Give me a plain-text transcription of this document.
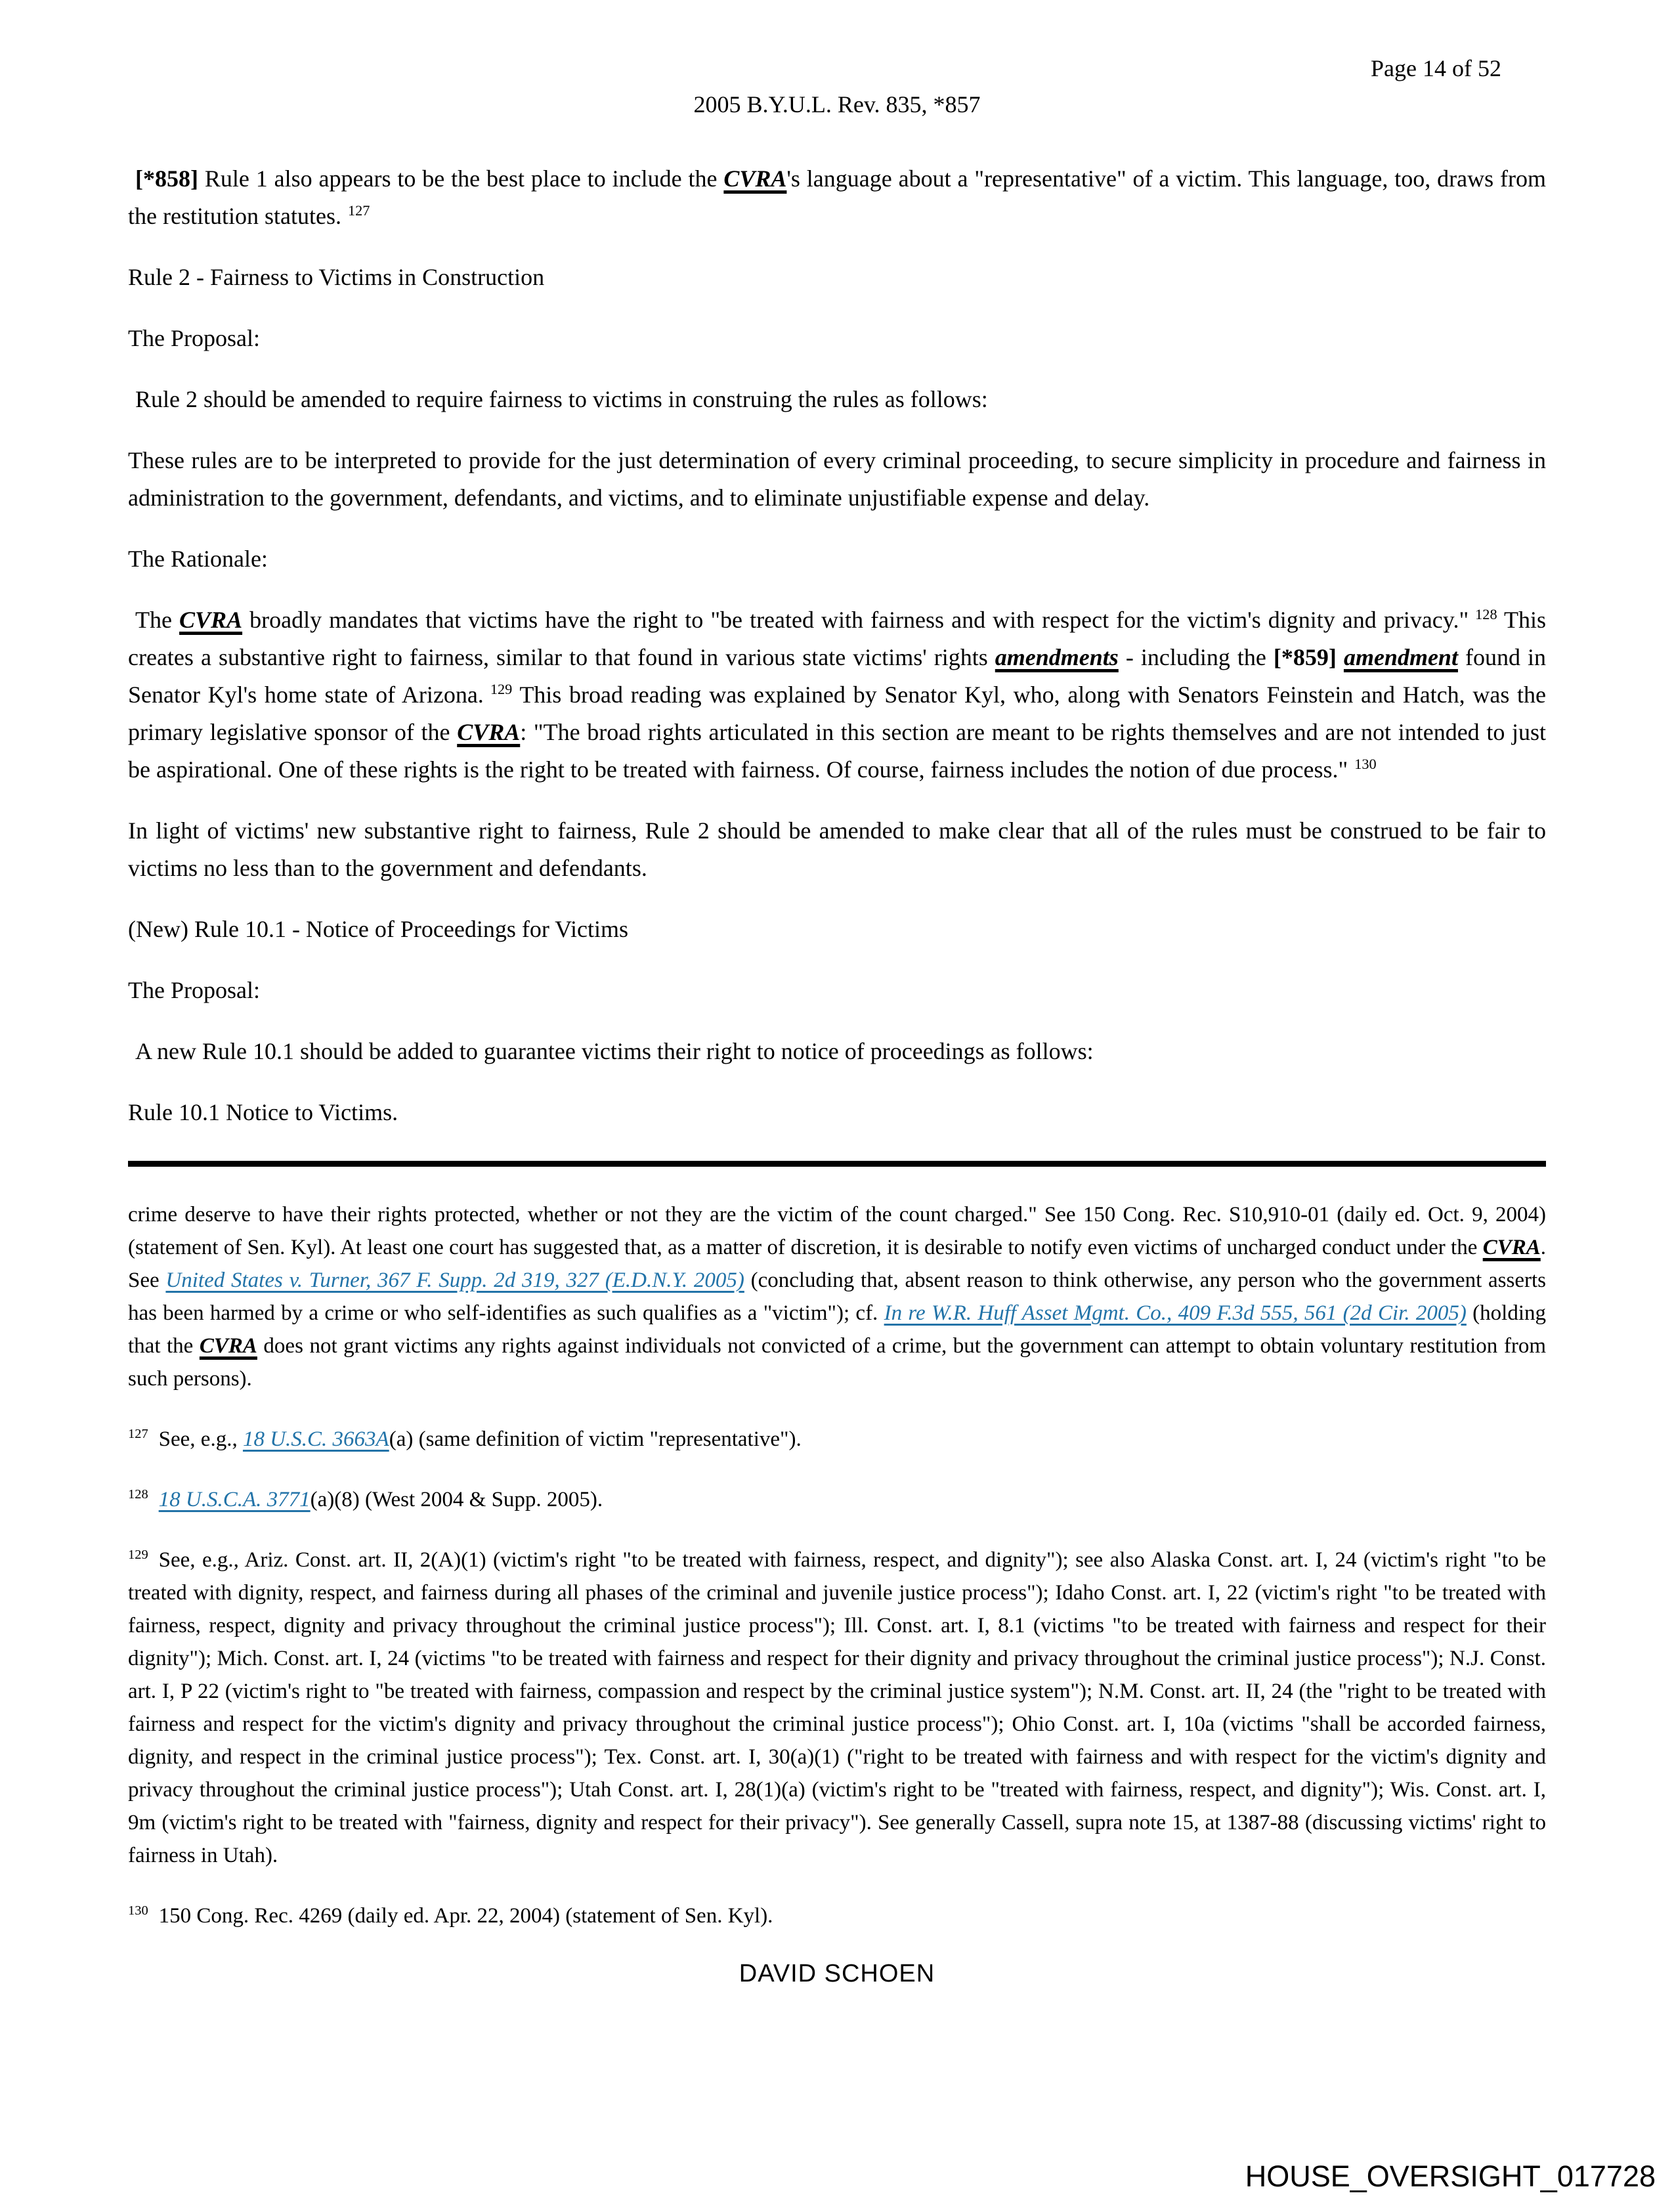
Page 14 of 52
2005 B.Y.U.L. Rev. 835, *857

[*858] Rule 1 also appears to be the best place to include the CVRA's language about a "representative" of a victim. This language, too, draws from the restitution statutes. $^{127}$

Rule 2 - Fairness to Victims in Construction

The Proposal:

Rule 2 should be amended to require fairness to victims in construing the rules as follows:

These rules are to be interpreted to provide for the just determination of every criminal proceeding, to secure simplicity in procedure and fairness in administration to the government, defendants, and victims, and to eliminate unjustifiable expense and delay.

The Rationale:

The CVRA broadly mandates that victims have the right to "be treated with fairness and with respect for the victim's dignity and privacy." $^{128}$ This creates a substantive right to fairness, similar to that found in various state victims' rights amendments - including the [*859] amendment found in Senator Kyl's home state of Arizona. $^{129}$ This broad reading was explained by Senator Kyl, who, along with Senators Feinstein and Hatch, was the primary legislative sponsor of the CVRA: "The broad rights articulated in this section are meant to be rights themselves and are not intended to just be aspirational. One of these rights is the right to be treated with fairness. Of course, fairness includes the notion of due process." $^{130}$

In light of victims' new substantive right to fairness, Rule 2 should be amended to make clear that all of the rules must be construed to be fair to victims no less than to the government and defendants.

(New) Rule 10.1 - Notice of Proceedings for Victims

The Proposal:

A new Rule 10.1 should be added to guarantee victims their right to notice of proceedings as follows:

Rule 10.1 Notice to Victims.

crime deserve to have their rights protected, whether or not they are the victim of the count charged." See 150 Cong. Rec. S10,910-01 (daily ed. Oct. 9, 2004) (statement of Sen. Kyl). At least one court has suggested that, as a matter of discretion, it is desirable to notify even victims of uncharged conduct under the CVRA. See United States v. Turner, 367 F. Supp. 2d 319, 327 (E.D.N.Y. 2005) (concluding that, absent reason to think otherwise, any person who the government asserts has been harmed by a crime or who self-identifies as such qualifies as a "victim"); cf. In re W.R. Huff Asset Mgmt. Co., 409 F.3d 555, 561 (2d Cir. 2005) (holding that the CVRA does not grant victims any rights against individuals not convicted of a crime, but the government can attempt to obtain voluntary restitution from such persons).

$^{127}$ See, e.g., 18 U.S.C. 3663A(a) (same definition of victim "representative").

$^{128}$ 18 U.S.C.A. 3771(a)(8) (West 2004 & Supp. 2005).

$^{129}$ See, e.g., Ariz. Const. art. II, 2(A)(1) (victim's right "to be treated with fairness, respect, and dignity"); see also Alaska Const. art. I, 24 (victim's right "to be treated with dignity, respect, and fairness during all phases of the criminal and juvenile justice process"); Idaho Const. art. I, 22 (victim's right "to be treated with fairness, respect, dignity and privacy throughout the criminal justice process"); Ill. Const. art. I, 8.1 (victims "to be treated with fairness and respect for their dignity"); Mich. Const. art. I, 24 (victims "to be treated with fairness and respect for their dignity and privacy throughout the criminal justice process"); N.J. Const. art. I, P 22 (victim's right to "be treated with fairness, compassion and respect by the criminal justice system"); N.M. Const. art. II, 24 (the "right to be treated with fairness and respect for the victim's dignity and privacy throughout the criminal justice process"); Ohio Const. art. I, 10a (victims "shall be accorded fairness, dignity, and respect in the criminal justice process"); Tex. Const. art. I, 30(a)(1) ("right to be treated with fairness and with respect for the victim's dignity and privacy throughout the criminal justice process"); Utah Const. art. I, 28(1)(a) (victim's right to be "treated with fairness, respect, and dignity"); Wis. Const. art. I, 9m (victim's right to be treated with "fairness, dignity and respect for their privacy"). See generally Cassell, supra note 15, at 1387-88 (discussing victims' right to fairness in Utah).

$^{130}$ 150 Cong. Rec. 4269 (daily ed. Apr. 22, 2004) (statement of Sen. Kyl).

DAVID SCHOEN
HOUSE_OVERSIGHT_017728
